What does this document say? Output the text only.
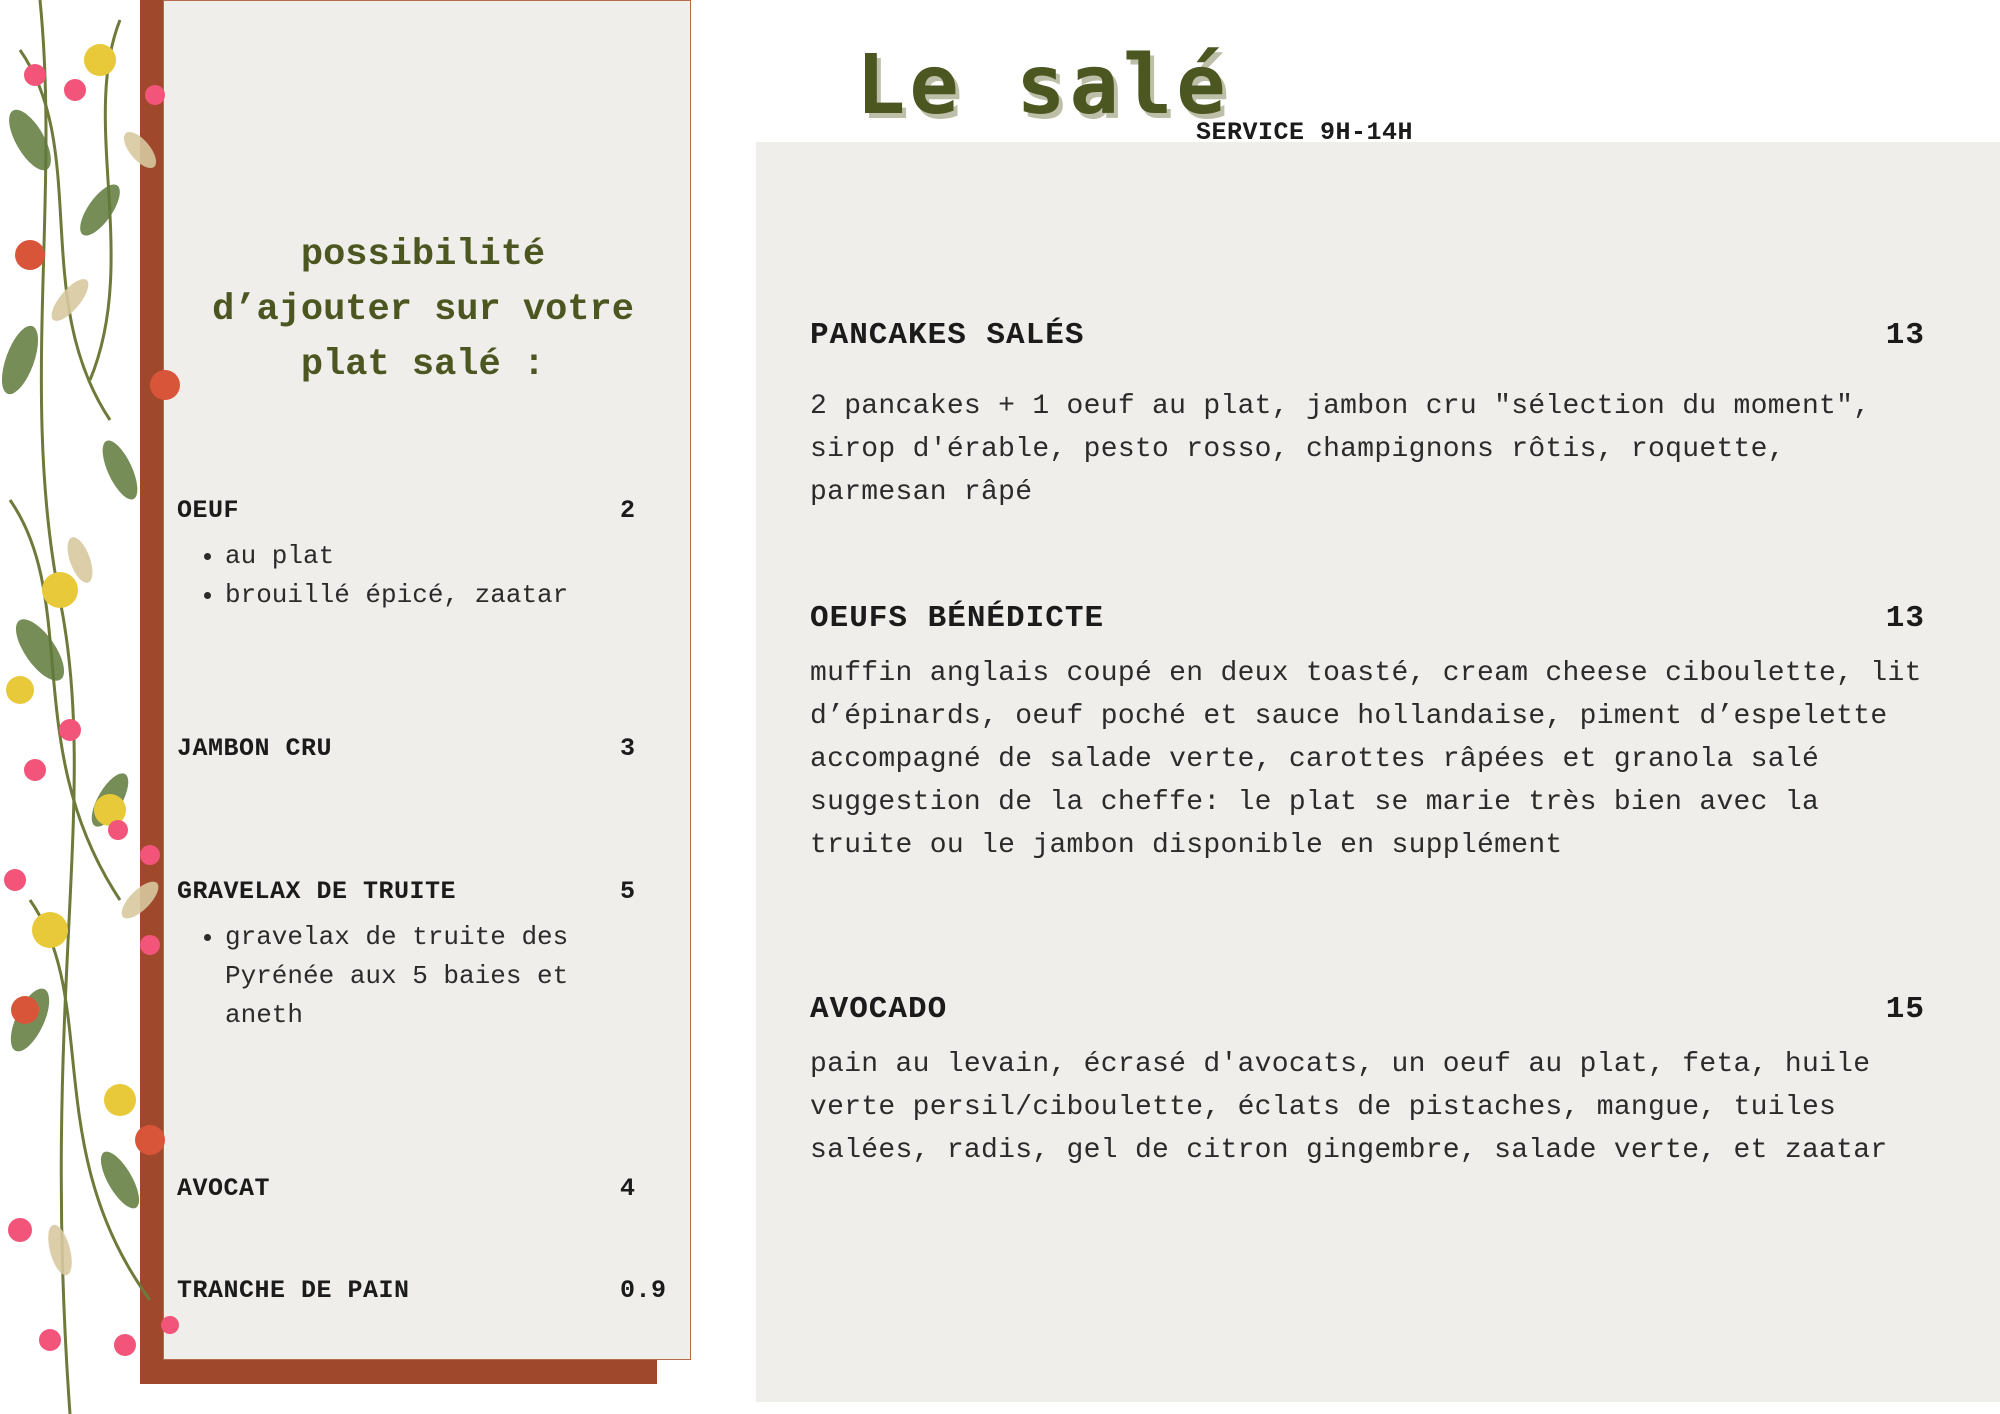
possibilité d’ajouter sur votre plat salé :
OEUF	2
• au plat
• brouillé épicé, zaatar
JAMBON CRU	3
GRAVELAX DE TRUITE	5
• gravelax de truite des Pyrénée aux 5 baies et aneth
AVOCAT	4
TRANCHE DE PAIN	0.9
Le salé
SERVICE 9H-14H
PANCAKES SALÉS	13

2 pancakes + 1 oeuf au plat, jambon cru "sélection du moment", sirop d'érable, pesto rosso, champignons rôtis, roquette, parmesan râpé

OEUFS BÉNÉDICTE	13

muffin anglais coupé en deux toasté, cream cheese ciboulette, lit d’épinards, oeuf poché et sauce hollandaise, piment d’espelette accompagné de salade verte, carottes râpées et granola salé

suggestion de la cheffe: le plat se marie très bien avec la truite ou le jambon disponible en supplément

AVOCADO	15

pain au levain, écrasé d'avocats, un oeuf au plat, feta, huile verte persil/ciboulette, éclats de pistaches, mangue, tuiles salées, radis, gel de citron gingembre, salade verte, et zaatar
